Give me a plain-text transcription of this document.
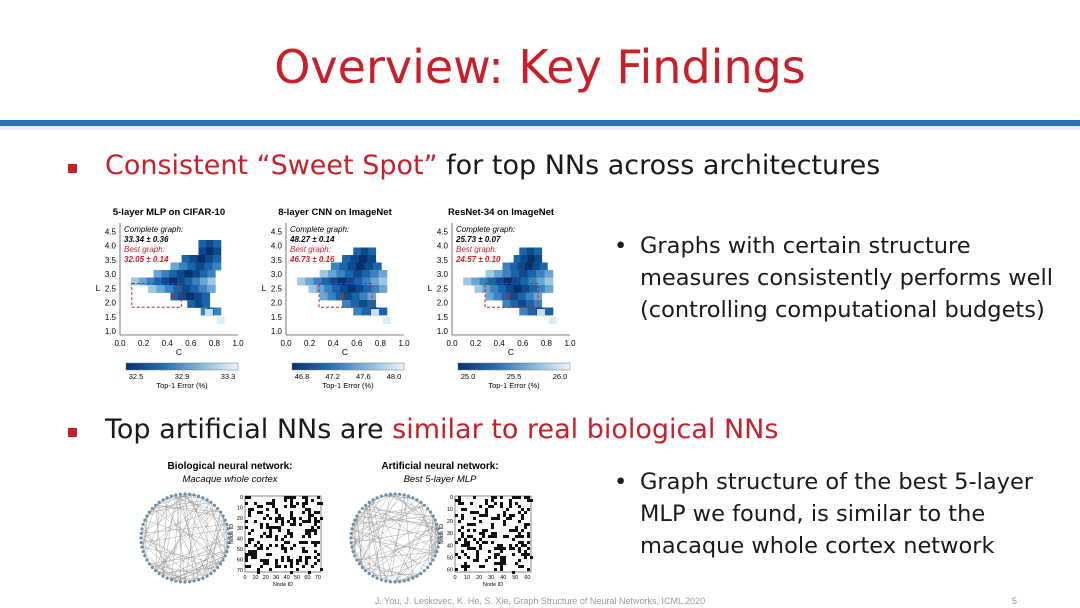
Overview: Key Findings
Consistent “Sweet Spot” for top NNs across architectures
5-layer MLP on CIFAR-10
1.0
1.5
2.0
2.5
3.0
3.5
4.0
4.5
0.0 0.2 0.4 0.6 0.8 1.0
C
L
×
Complete graph:
33.34 ± 0.36
Best graph:
32.05 ± 0.14
32.5	32.9	33.3
Top-1 Error (%)
8-layer CNN on ImageNet
1.0
1.5
2.0
2.5
3.0
3.5
4.0
4.5
0.0 0.2 0.4 0.6 0.8 1.0
C
L
×
Complete graph:
48.27 ± 0.14
Best graph:
46.73 ± 0.16
46.8 47.2 47.6 48.0
Top-1 Error (%)
ResNet-34 on ImageNet
1.0
1.5
2.0
2.5
3.0
3.5
4.0
4.5
0.0 0.2 0.4 0.6 0.8 1.0
C
L
×
Complete graph:
25.73 ± 0.07
Best graph:
24.57 ± 0.10
25.0	25.5	26.0
Top-1 Error (%)
• Graphs with certain structure measures consistently performs well (controlling computational budgets)
Top artificial NNs are similar to real biological NNs
Biological neural network:
Macaque whole cortex
Artificial neural network:
Best 5-layer MLP
0
0
10
10
20
20
30
30
40
40
50
50
60
60
70
70
Node ID
Node ID
0
0
10
10
20
20
30
30
40
40
50
50
60
60
Node ID
Node ID
• Graph structure of the best 5-layer MLP we found, is similar to the macaque whole cortex network
J. You, J. Leskovec, K. He, S. Xie, Graph Structure of Neural Networks, ICML 2020	5
